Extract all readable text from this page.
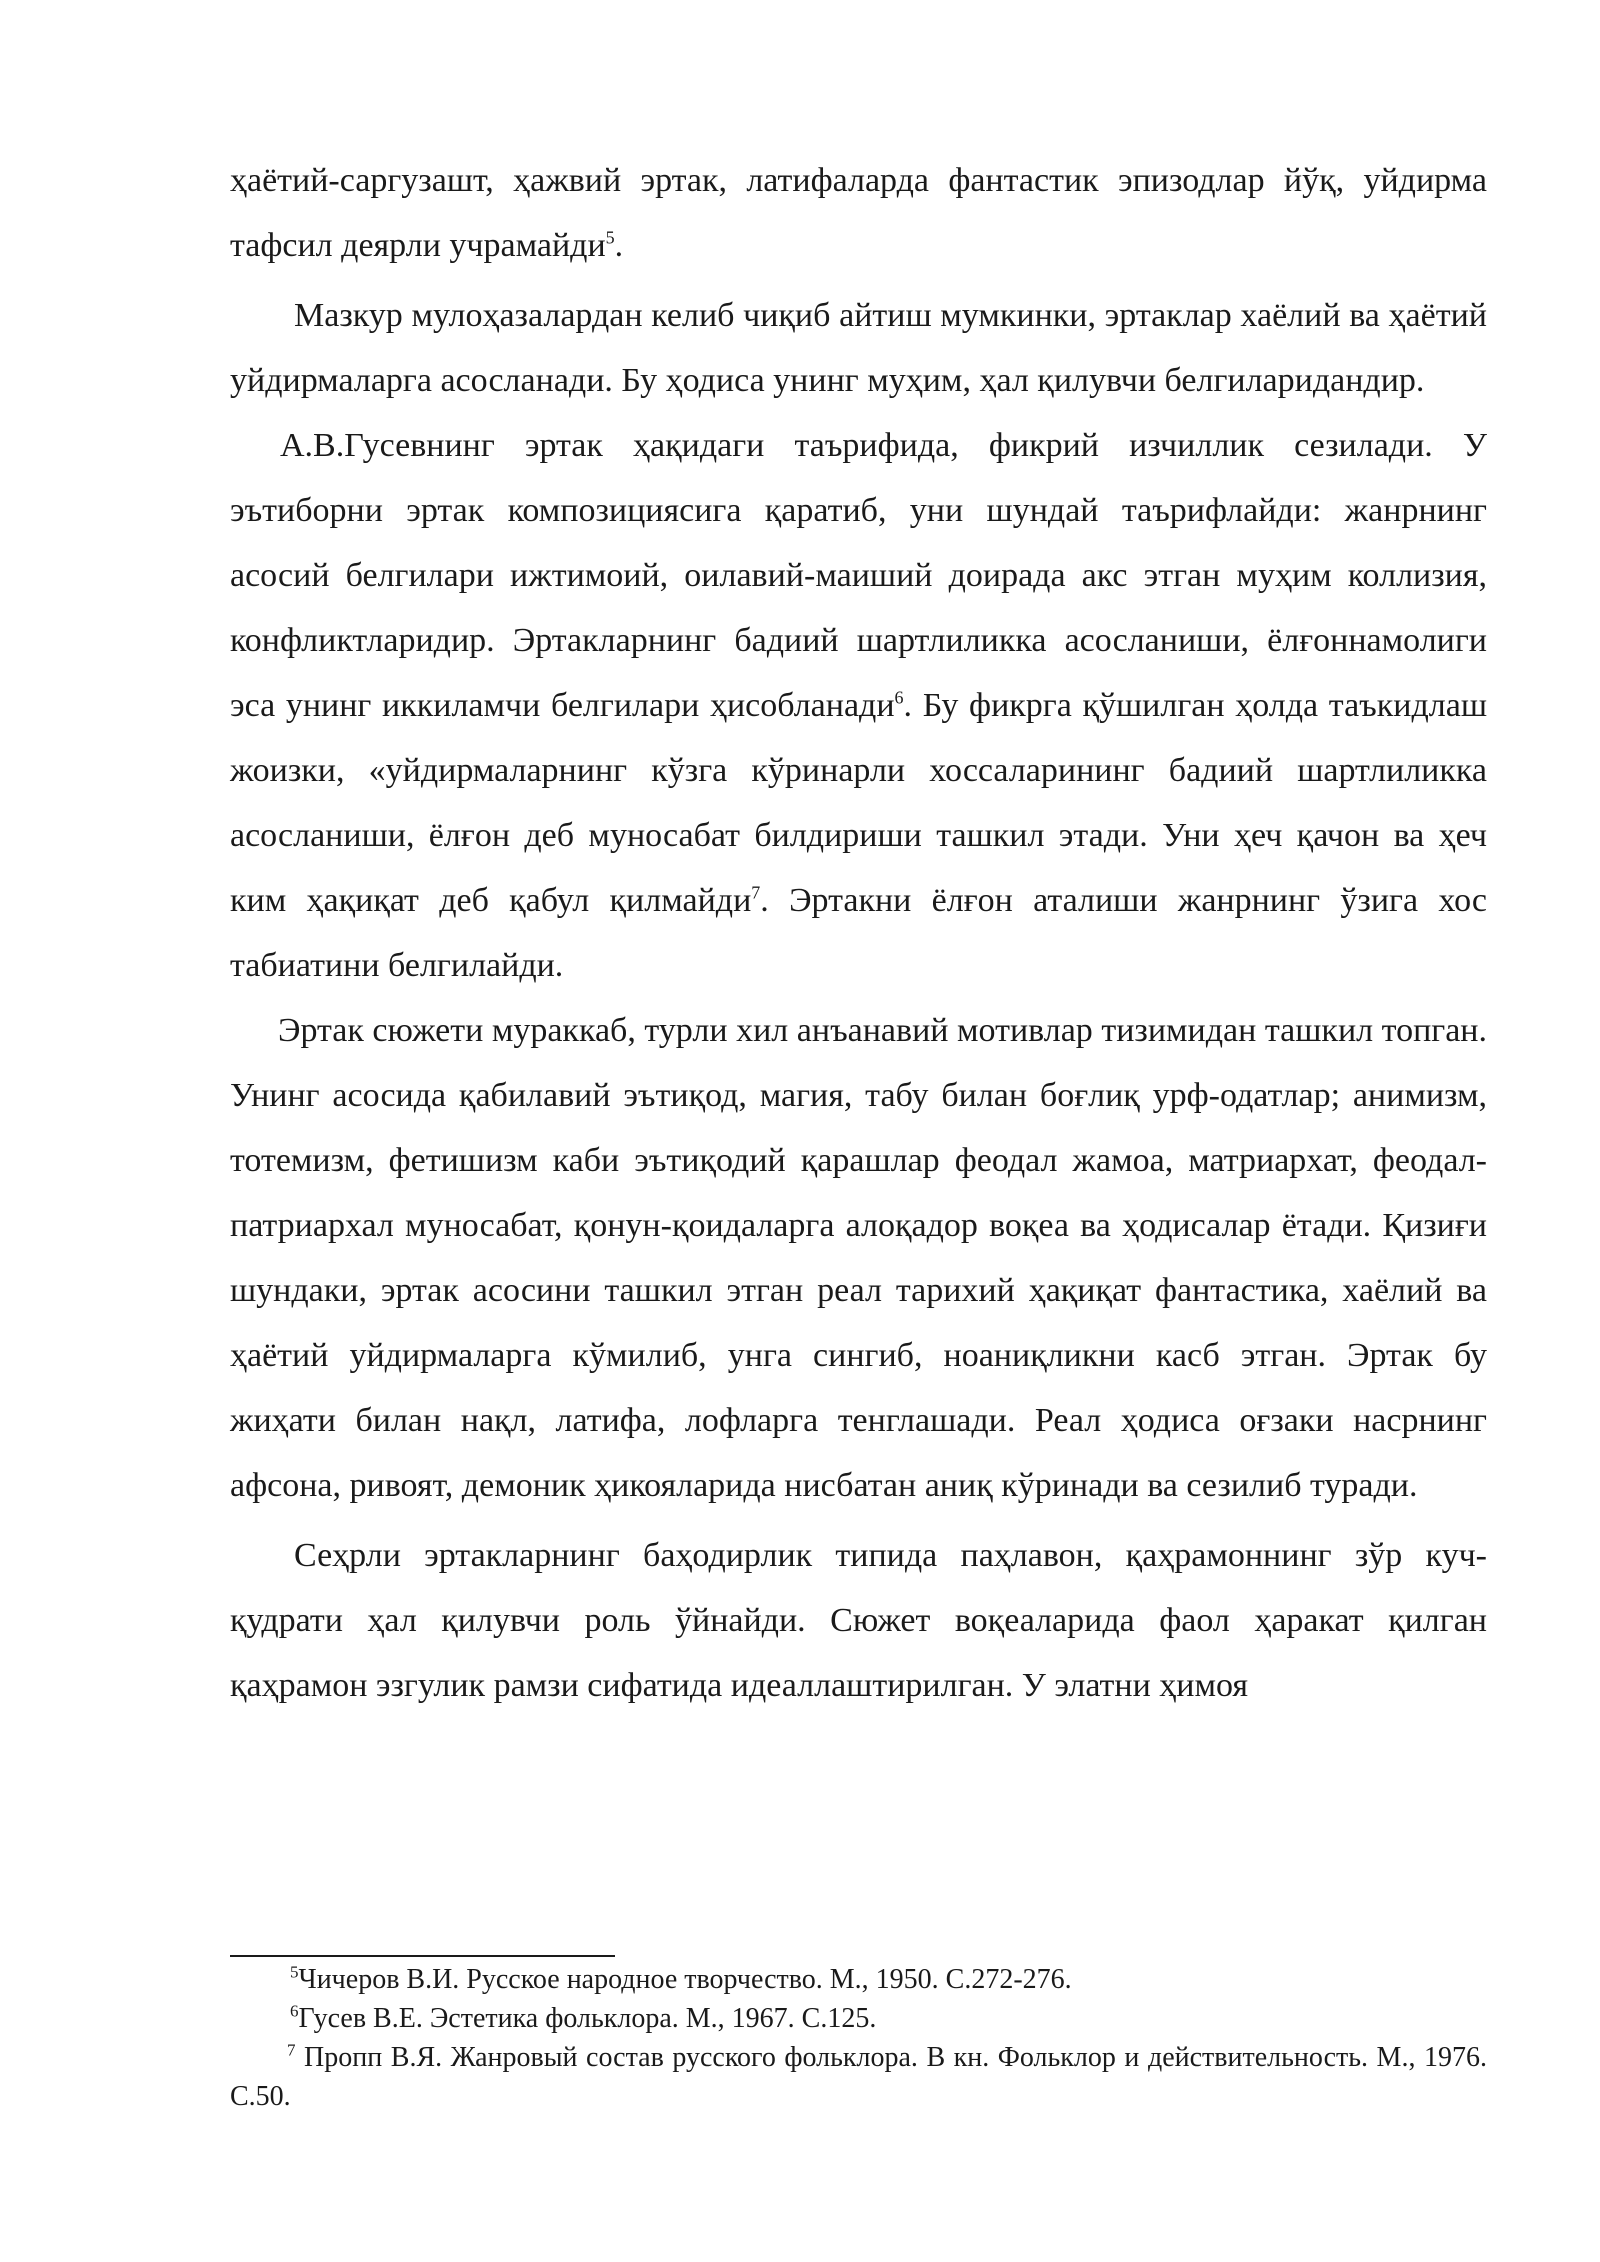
ҳаётий-саргузашт, ҳажвий эртак, латифаларда фантастик эпизодлар йўқ, уйдирма тафсил деярли учрамайди$^5$.

Мазкур мулоҳазалардан келиб чиқиб айтиш мумкинки, эртаклар хаёлий ва ҳаётий уйдирмаларга асосланади. Бу ҳодиса унинг муҳим, ҳал қилувчи белгиларидандир.

А.В.Гусевнинг эртак ҳақидаги таърифида, фикрий изчиллик сезилади. У эътиборни эртак композициясига қаратиб, уни шундай таърифлайди: жанрнинг асосий белгилари ижтимоий, оилавий-маиший доирада акс этган муҳим коллизия, конфликтларидир. Эртакларнинг бадиий шартлиликка асосланиши, ёлғоннамолиги эса унинг иккиламчи белгилари ҳисобланади$^6$. Бу фикрга қўшилган ҳолда таъкидлаш жоизки, «уйдирмаларнинг кўзга кўринарли хоссаларининг бадиий шартлиликка асосланиши, ёлғон деб муносабат билдириши ташкил этади. Уни ҳеч қачон ва ҳеч ким ҳақиқат деб қабул қилмайди$^7$. Эртакни ёлғон аталиши жанрнинг ўзига хос табиатини белгилайди.

Эртак сюжети мураккаб, турли хил анъанавий мотивлар тизимидан ташкил топган. Унинг асосида қабилавий эътиқод, магия, табу билан боғлиқ урф-одатлар; анимизм, тотемизм, фетишизм каби эътиқодий қарашлар феодал жамоа, матриархат, феодал-патриархал муносабат, қонун-қоидаларга алоқадор воқеа ва ҳодисалар ётади. Қизиғи шундаки, эртак асосини ташкил этган реал тарихий ҳақиқат фантастика, хаёлий ва ҳаётий уйдирмаларга кўмилиб, унга сингиб, ноаниқликни касб этган. Эртак бу жиҳати билан нақл, латифа, лофларга тенглашади. Реал ҳодиса оғзаки насрнинг афсона, ривоят, демоник ҳикояларида нисбатан аниқ кўринади ва сезилиб туради.

Сеҳрли эртакларнинг баҳодирлик типида паҳлавон, қаҳрамоннинг зўр куч-қудрати ҳал қилувчи роль ўйнайди. Сюжет воқеаларида фаол ҳаракат қилган қаҳрамон эзгулик рамзи сифатида идеаллаштирилган. У элатни ҳимоя

$^5$Чичеров В.И. Русское народное творчество. М., 1950. С.272-276.

$^6$Гусев В.Е. Эстетика фольклора. М., 1967. С.125.

$^7$ Пропп В.Я. Жанровый состав русского фольклора. В кн. Фольклор и действительность. М., 1976. С.50.
